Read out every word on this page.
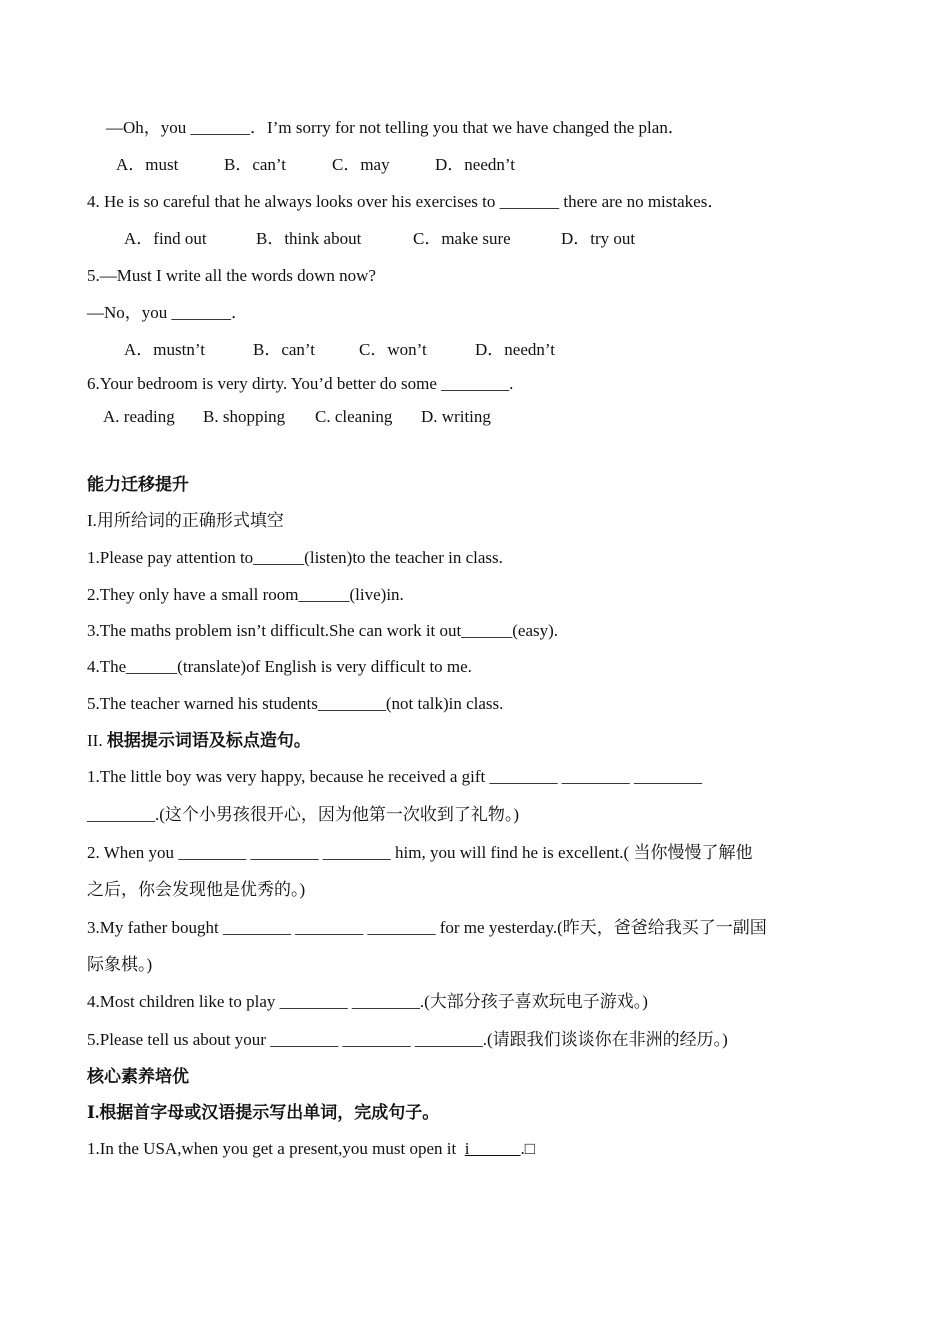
—Oh，you _______．I’m sorry for not telling you that we have changed the plan．
A．must	B．can’t	C．may	D．needn’t
4. He is so careful that he always looks over his exercises to _______ there are no mistakes．
A．find out	B．think about	C．make sure	D．try out
5.—Must I write all the words down now?
—No，you _______．
A．mustn’t	B．can’t	C．won’t	D．needn’t
6.Your bedroom is very dirty. You’d better do some ________.
A. reading B. shopping C. cleaning D. writing
能力迁移提升
I.用所给词的正确形式填空
1.Please pay attention to______(listen)to the teacher in class.
2.They only have a small room______(live)in.
3.The maths problem isn’t difficult.She can work it out______(easy).
4.The______(translate)of English is very difficult to me.
5.The teacher warned his students________(not talk)in class.
II. 根据提示词语及标点造句。
1.The little boy was very happy, because he received a gift ________ ________ ________
________.(这个小男孩很开心，因为他第一次收到了礼物。)
2. When you ________ ________ ________ him, you will find he is excellent.( 当你慢慢了解他
之后，你会发现他是优秀的。)
3.My father bought ________ ________ ________ for me yesterday.(昨天，爸爸给我买了一副国
际象棋。)
4.Most children like to play ________ ________.(大部分孩子喜欢玩电子游戏。)
5.Please tell us about your ________ ________ ________.(请跟我们谈谈你在非洲的经历。)
核心素养培优
Ⅰ.根据首字母或汉语提示写出单词，完成句子。
1.In the USA,when you get a present,you must open it  i______.□
